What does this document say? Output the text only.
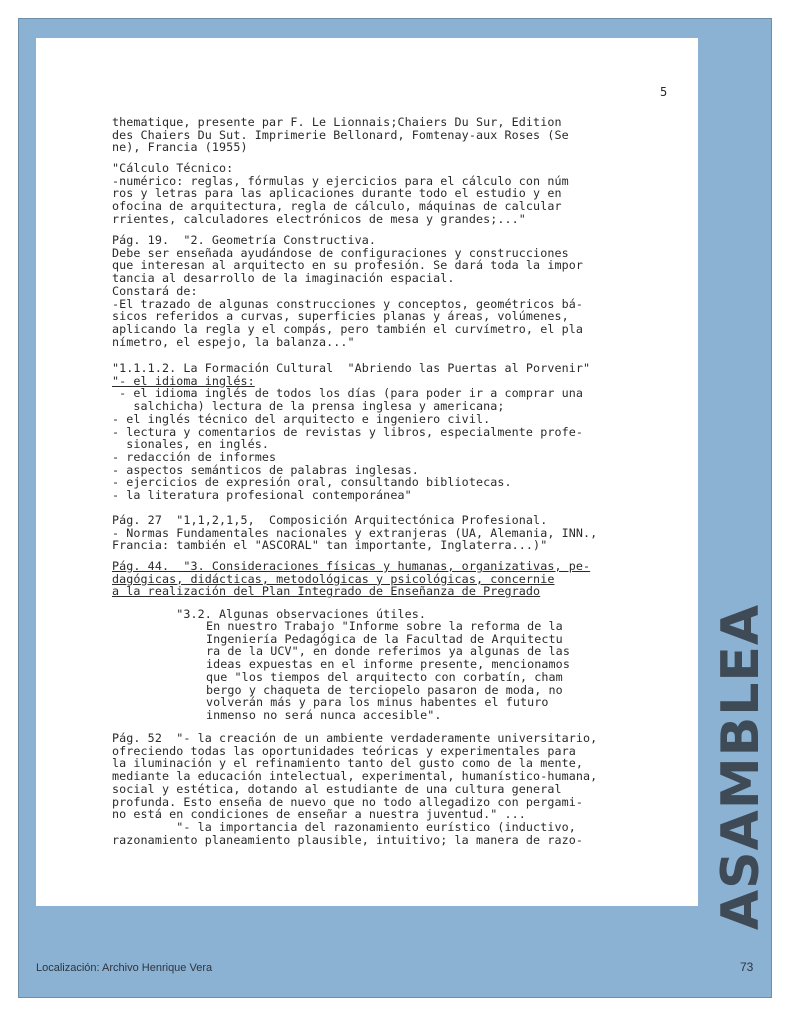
5
thematique, presente par F. Le Lionnais;Chaiers Du Sur, Edition
des Chaiers Du Sut. Imprimerie Bellonard, Fomtenay-aux Roses (Se
ne), Francia (1955)
"Cálculo Técnico:
-numérico: reglas, fórmulas y ejercicios para el cálculo con núm
ros y letras para las aplicaciones durante todo el estudio y en
ofocina de arquitectura, regla de cálculo, máquinas de calcular
rrientes, calculadores electrónicos de mesa y grandes;..."
Pág. 19.  "2. Geometría Constructiva.
Debe ser enseñada ayudándose de configuraciones y construcciones
que interesan al arquitecto en su profesión. Se dará toda la impor
tancia al desarrollo de la imaginación espacial.
Constará de:
-El trazado de algunas construcciones y conceptos, geométricos bá-
sicos referidos a curvas, superficies planas y áreas, volúmenes,
aplicando la regla y el compás, pero también el curvímetro, el pla
nímetro, el espejo, la balanza..."
"1.1.1.2. La Formación Cultural  "Abriendo las Puertas al Porvenir"
"- el idioma inglés:
- el idioma inglés de todos los días (para poder ir a comprar una
salchicha) lectura de la prensa inglesa y americana;
- el inglés técnico del arquitecto e ingeniero civil.
- lectura y comentarios de revistas y libros, especialmente profe-
sionales, en inglés.
- redacción de informes
- aspectos semánticos de palabras inglesas.
- ejercicios de expresión oral, consultando bibliotecas.
- la literatura profesional contemporánea"
Pág. 27  "1,1,2,1,5,  Composición Arquitectónica Profesional.
- Normas Fundamentales nacionales y extranjeras (UA, Alemania, INN.,
Francia: también el "ASCORAL" tan importante, Inglaterra...)"
Pág. 44.  "3. Consideraciones físicas y humanas, organizativas, pe-
dagógicas, didácticas, metodológicas y psicológicas, concernie
a la realización del Plan Integrado de Enseñanza de Pregrado
"3.2. Algunas observaciones útiles.
En nuestro Trabajo "Informe sobre la reforma de la
Ingeniería Pedagógica de la Facultad de Arquitectu
ra de la UCV", en donde referimos ya algunas de las
ideas expuestas en el informe presente, mencionamos
que "los tiempos del arquitecto con corbatín, cham
bergo y chaqueta de terciopelo pasaron de moda, no
volverán más y para los minus habentes el futuro
inmenso no será nunca accesible".
Pág. 52  "- la creación de un ambiente verdaderamente universitario,
ofreciendo todas las oportunidades teóricas y experimentales para
la iluminación y el refinamiento tanto del gusto como de la mente,
mediante la educación intelectual, experimental, humanístico-humana,
social y estética, dotando al estudiante de una cultura general
profunda. Esto enseña de nuevo que no todo allegadizo con pergami-
no está en condiciones de enseñar a nuestra juventud." ...
"- la importancia del razonamiento eurístico (inductivo,
razonamiento planeamiento plausible, intuitivo; la manera de razo-	ASAMBLEA
Localización: Archivo Henrique Vera	73
